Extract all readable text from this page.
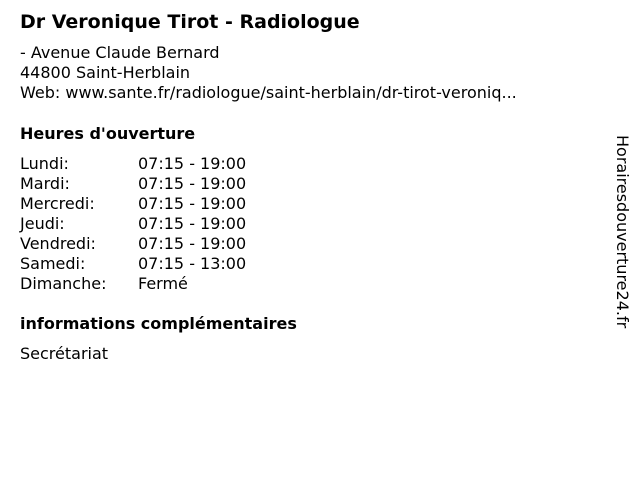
Dr Veronique Tirot - Radiologue
- Avenue Claude Bernard
44800 Saint-Herblain
Web: www.sante.fr/radiologue/saint-herblain/dr-tirot-veroniq...
Heures d'ouverture
Lundi:	07:15 - 19:00
Mardi:	07:15 - 19:00
Mercredi:	07:15 - 19:00
Jeudi:	07:15 - 19:00
Vendredi:	07:15 - 19:00
Samedi:	07:15 - 13:00
Dimanche:	Fermé
informations complémentaires
Secrétariat
Horairesdouverture24.fr
